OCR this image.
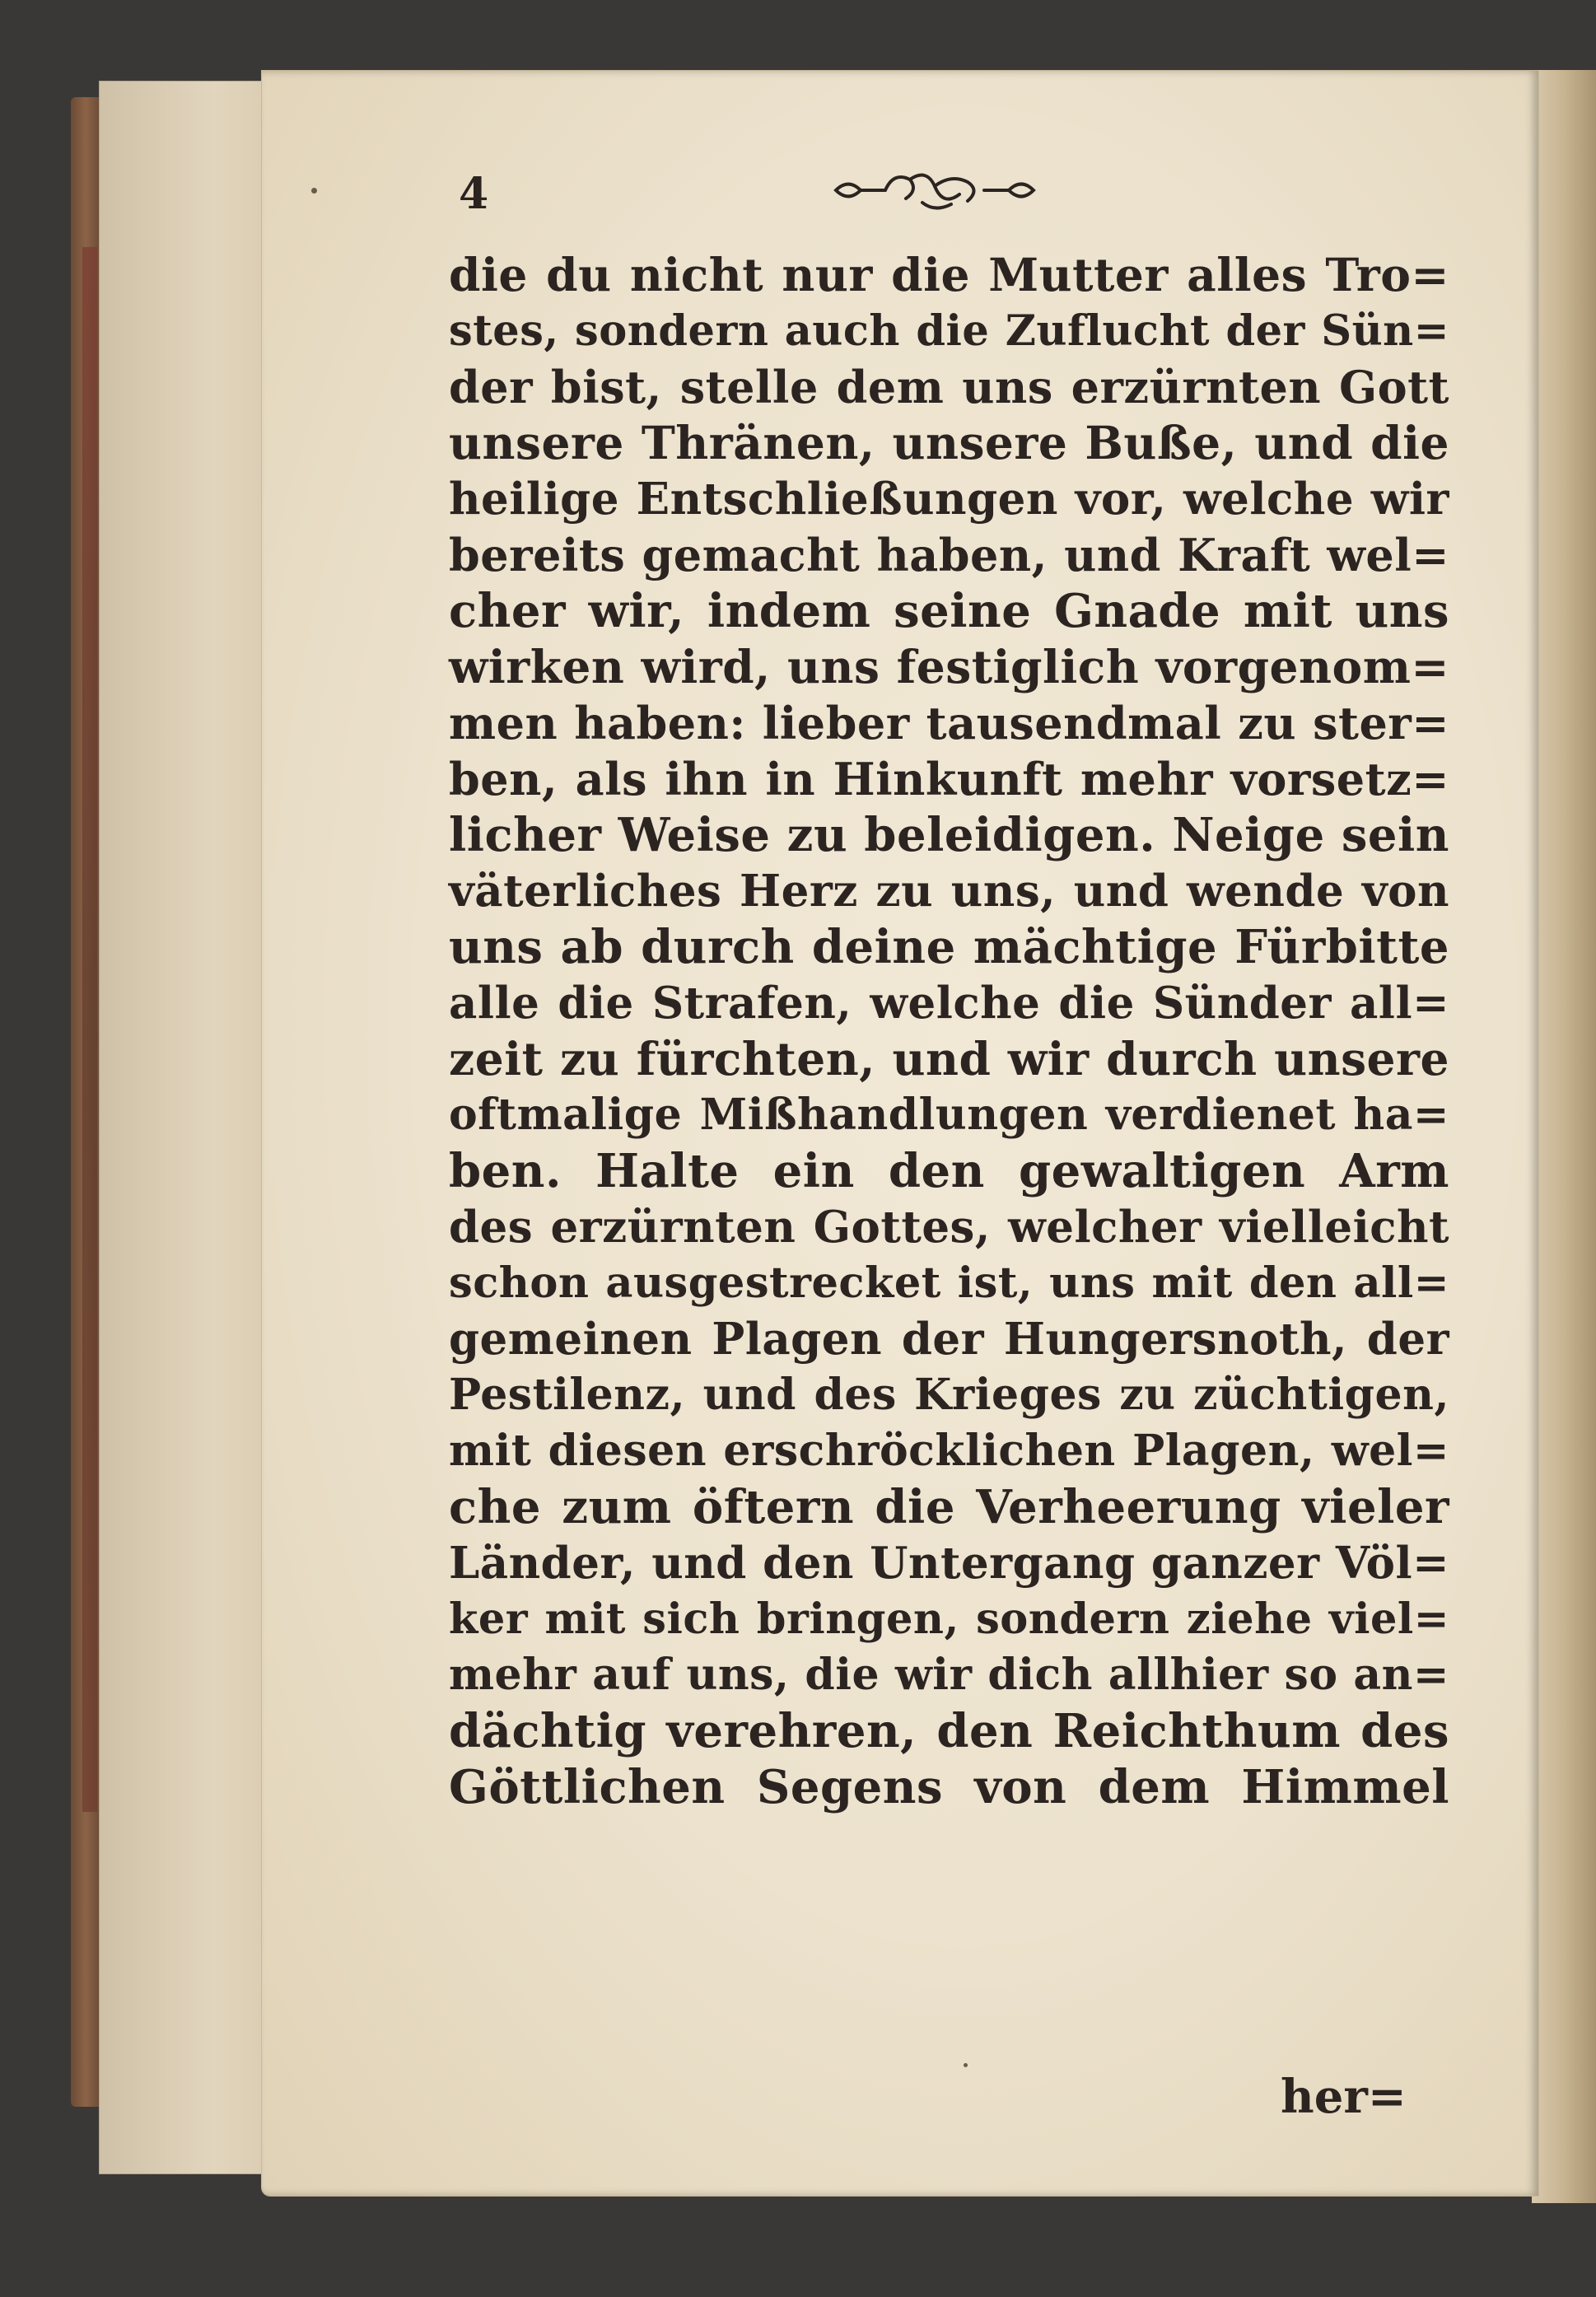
4
die du nicht nur die Mutter alles Tro=
stes, sondern auch die Zuflucht der Sün=
der bist, stelle dem uns erzürnten Gott
unsere Thränen, unsere Buße, und die
heilige Entschließungen vor, welche wir
bereits gemacht haben, und Kraft wel=
cher wir, indem seine Gnade mit uns
wirken wird, uns festiglich vorgenom=
men haben: lieber tausendmal zu ster=
ben, als ihn in Hinkunft mehr vorsetz=
licher Weise zu beleidigen. Neige sein
väterliches Herz zu uns, und wende von
uns ab durch deine mächtige Fürbitte
alle die Strafen, welche die Sünder all=
zeit zu fürchten, und wir durch unsere
oftmalige Mißhandlungen verdienet ha=
ben. Halte ein den gewaltigen Arm
des erzürnten Gottes, welcher vielleicht
schon ausgestrecket ist, uns mit den all=
gemeinen Plagen der Hungersnoth, der
Pestilenz, und des Krieges zu züchtigen,
mit diesen erschröcklichen Plagen, wel=
che zum öftern die Verheerung vieler
Länder, und den Untergang ganzer Völ=
ker mit sich bringen, sondern ziehe viel=
mehr auf uns, die wir dich allhier so an=
dächtig verehren, den Reichthum des
Göttlichen Segens von dem Himmel
her=
